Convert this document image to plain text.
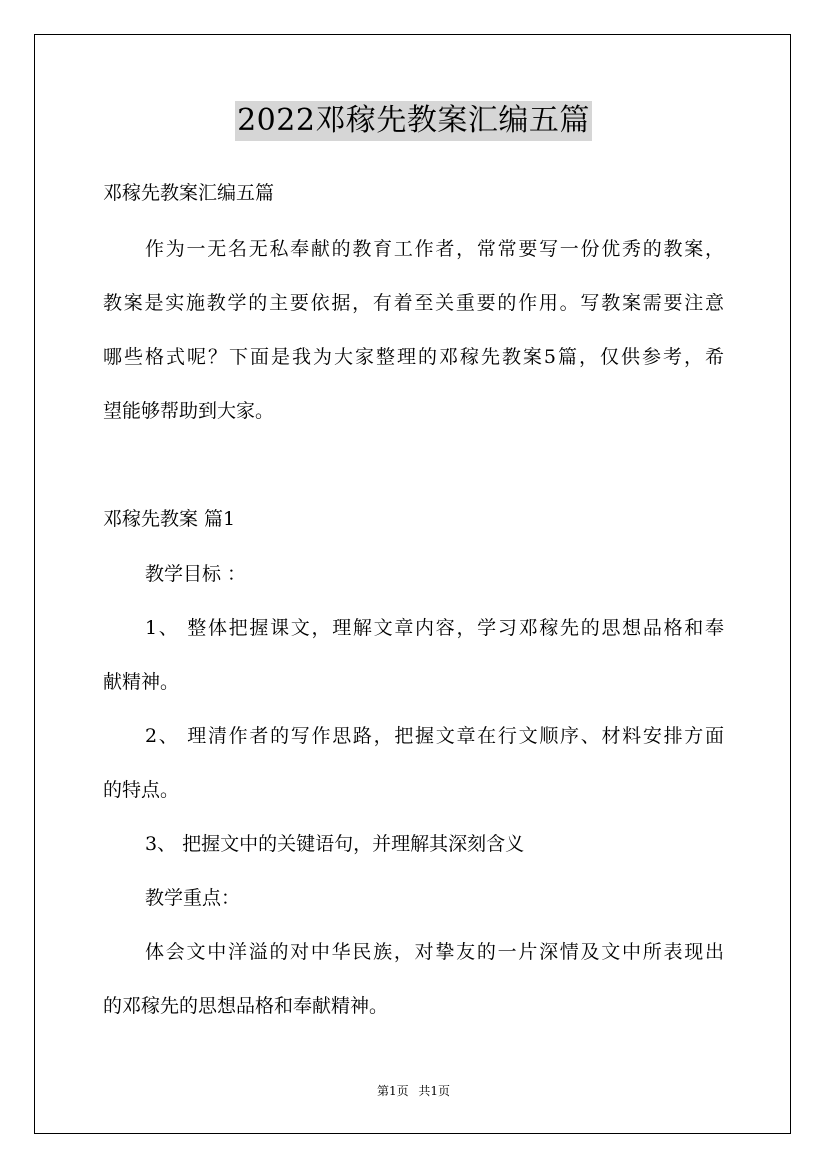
2022邓稼先教案汇编五篇
邓稼先教案汇编五篇
作为一无名无私奉献的教育工作者，常常要写一份优秀的教案，
教案是实施教学的主要依据，有着至关重要的作用。写教案需要注意
哪些格式呢？下面是我为大家整理的邓稼先教案5篇，仅供参考，希
望能够帮助到大家。
邓稼先教案 篇1
教学目标 ：
1、 整体把握课文，理解文章内容，学习邓稼先的思想品格和奉
献精神。
2、 理清作者的写作思路，把握文章在行文顺序、材料安排方面
的特点。
3、 把握文中的关键语句，并理解其深刻含义
教学重点：
体会文中洋溢的对中华民族，对挚友的一片深情及文中所表现出
的邓稼先的思想品格和奉献精神。
第1页 共1页
